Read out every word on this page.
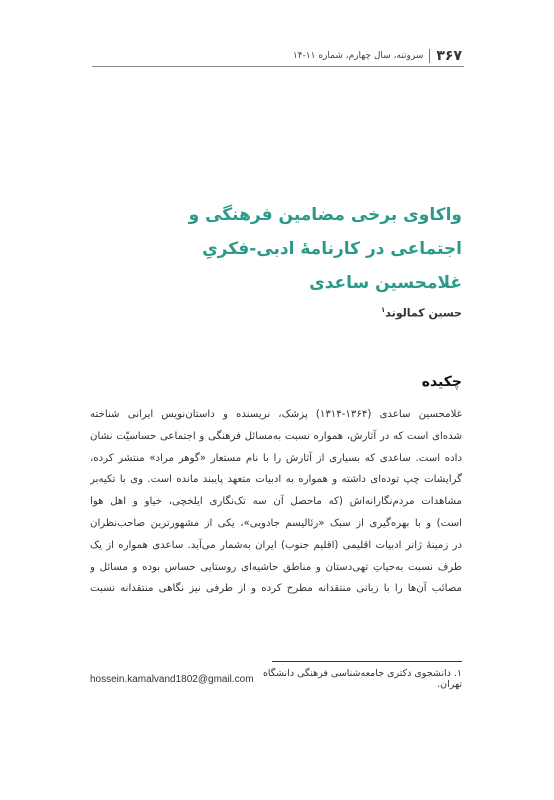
۳۶۷
سروتنه، سال چهارم، شماره ۱۱-۱۴
واکاوی برخی مضامین فرهنگی و
اجتماعی در کارنامهٔ ادبی-فکریِ
غلامحسین ساعدی
حسین کمالوند$^۱$
چکیده
غلامحسین ساعدی (۱۳۶۴-۱۳۱۴) پزشک، نریسنده و داستان‌نویس ایرانی شناخته
شده‌ای است که در آثارش، همواره نسبت به‌مسائل فرهنگی و اجتماعی حساسیّت نشان
داده است. ساعدی که بسیاری از آثارش را با نام مستعار «گوهر مراد» منتشر کرده،
گرایشات چپ توده‌ای داشته و همواره به ادبیات متعهد پایبند مانده است. وی با تکیه‌بر
مشاهدات مردم‌نگارانه‌اش (که ماحصل آن سه تک‌نگاری ایلخچی، خیاو و اهل هوا
است) و با بهره‌گیری از سبک «رئالیسم جادویی»، یکی از مشهورترین صاحب‌نظران
در زمینهٔ ژانر ادبیات اقلیمی (اقلیم جنوب) ایران به‌شمار می‌آید. ساعدی همواره از یک
طرف نسبت به‌حیاتِ تهی‌دستان و مناطق حاشیه‌ای روستایی حساس بوده و مسائل و
مصائب آن‌ها را با زبانی منتقدانه مطرح کرده و از طرفی نیز نگاهی منتقدانه نسبت
hossein.kamalvand1802@gmail.com ۱. دانشجوی دکتری جامعه‌شناسی فرهنگی دانشگاه تهران.
